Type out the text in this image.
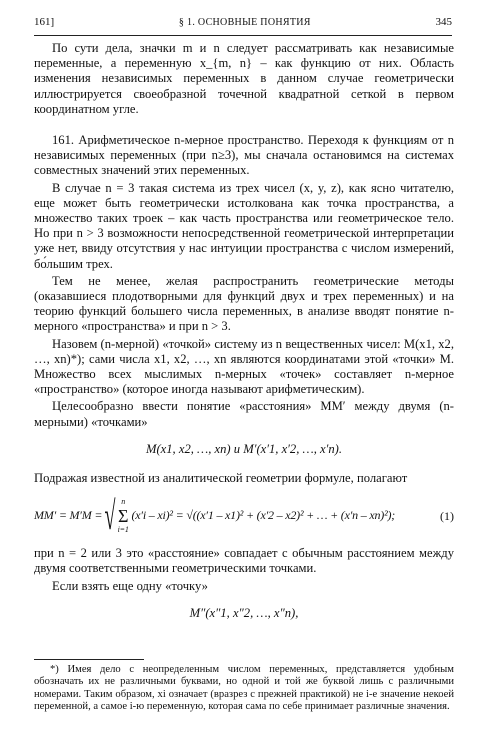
161]	§ 1. ОСНОВНЫЕ ПОНЯТИЯ	345

По сути дела, значки m и n следует рассматривать как независимые переменные, а переменную x_{m, n} – как функцию от них. Область изменения независимых переменных в данном случае геометрически иллюстрируется своеобразной точечной квадратной сеткой в первом координатном угле.

161. Арифметическое n-мерное пространство. Переходя к функциям от n независимых переменных (при n≥3), мы сначала остановимся на системах совместных значений этих переменных.

В случае n = 3 такая система из трех чисел (x, y, z), как ясно читателю, еще может быть геометрически истолкована как точка пространства, а множество таких троек – как часть пространства или геометрическое тело. Но при n > 3 возможности непосредственной геометрической интерпретации уже нет, ввиду отсутствия у нас интуиции пространства с числом измерений, бо́льшим трех.

Тем не менее, желая распространить геометрические методы (оказавшиеся плодотворными для функций двух и трех переменных) и на теорию функций большего числа переменных, в анализе вводят понятие n-мерного «пространства» и при n > 3.

Назовем (n-мерной) «точкой» систему из n вещественных чисел: M(x1, x2, …, xn)*); сами числа x1, x2, …, xn являются координатами этой «точки» M. Множество всех мыслимых n-мерных «точек» составляет n-мерное «пространство» (которое иногда называют арифметическим).

Целесообразно ввести понятие «расстояния» MM′ между двумя (n-мерными) «точками»

M(x1, x2, …, xn) и M′(x′1, x′2, …, x′n).

Подражая известной из аналитической геометрии формуле, полагают

MM′ = M′M = √ n
Σ
i=1
(x′i – xi)² = √((x′1 – x1)² + (x′2 – x2)² + … + (x′n – xn)²);	(1)

при n = 2 или 3 это «расстояние» совпадает с обычным расстоянием между двумя соответственными геометрическими точками.

Если взять еще одну «точку»

M″(x″1, x″2, …, x″n),

*) Имея дело с неопределенным числом переменных, представляется удобным обозначать их не различными буквами, но одной и той же буквой лишь с различными номерами. Таким образом, xi означает (вразрез с прежней практикой) не i-е значение некоей переменной, а самое i-ю переменную, которая сама по себе принимает различные значения.
